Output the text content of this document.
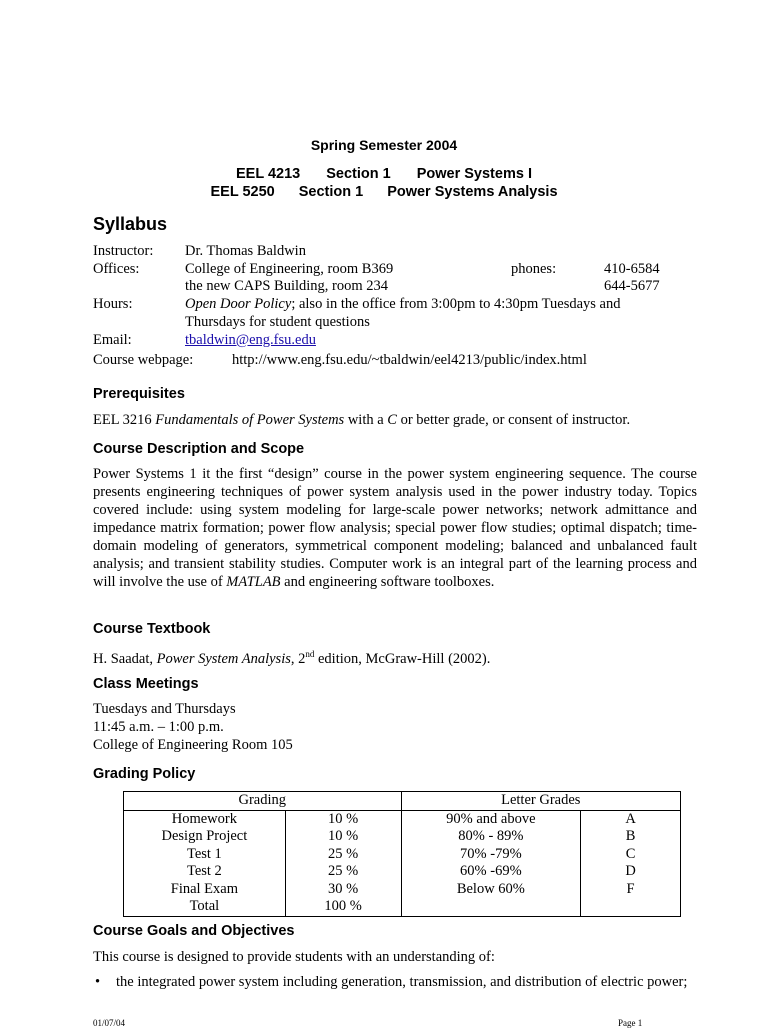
Spring Semester 2004
EEL 4213 Section 1 Power Systems I
EEL 5250 Section 1 Power Systems Analysis
Syllabus
Instructor: Dr. Thomas Baldwin
Offices:	College of Engineering, room B369	phones:	410-6584
the new CAPS Building, room 234	644-5677
Hours:	Open Door Policy; also in the office from 3:00pm to 4:30pm Tuesdays and
Thursdays for student questions
Email:	tbaldwin@eng.fsu.edu
Course webpage:	http://www.eng.fsu.edu/~tbaldwin/eel4213/public/index.html
Prerequisites
EEL 3216 Fundamentals of Power Systems with a C or better grade, or consent of instructor.
Course Description and Scope
Power Systems 1 it the first “design” course in the power system engineering sequence. The course presents engineering techniques of power system analysis used in the power industry today. Topics covered include: using system modeling for large-scale power networks; network admittance and impedance matrix formation; power flow analysis; special power flow studies; optimal dispatch; time-domain modeling of generators, symmetrical component modeling; balanced and unbalanced fault analysis; and transient stability studies. Computer work is an integral part of the learning process and will involve the use of MATLAB and engineering software toolboxes.
Course Textbook
H. Saadat, Power System Analysis, 2nd edition, McGraw-Hill (2002).
Class Meetings
Tuesdays and Thursdays
11:45 a.m. – 1:00 p.m.
College of Engineering Room 105
Grading Policy
Grading		Letter Grades	
Homework	10 %	90% and above	A
Design Project	10 %	80% - 89%	B
Test 1	25 %	70% -79%	C
Test 2	25 %	60% -69%	D
Final Exam	30 %	Below 60%	F
Total	100 %		
Course Goals and Objectives
This course is designed to provide students with an understanding of:
• the integrated power system including generation, transmission, and distribution of electric power;
01/07/04	Page 1
